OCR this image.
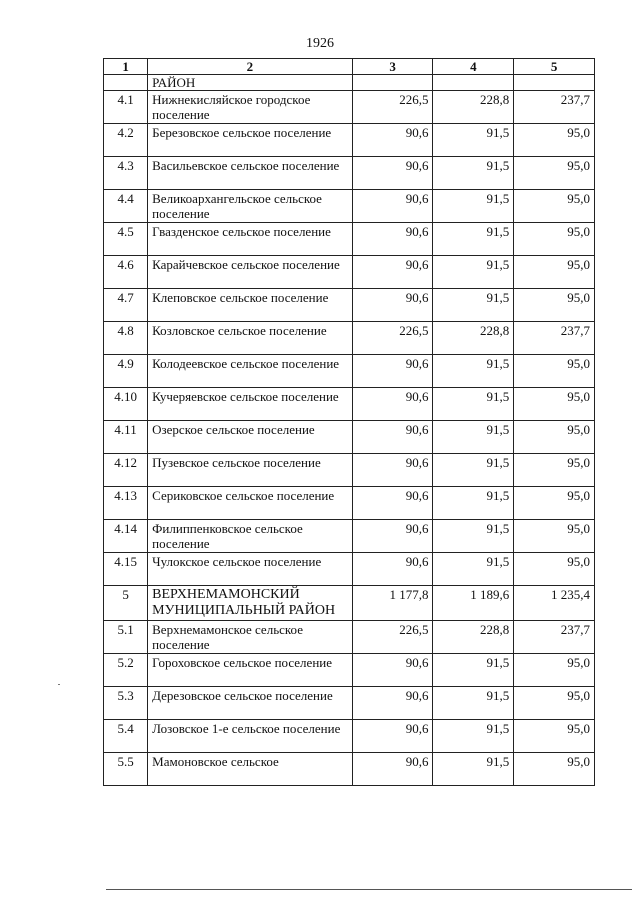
1926
1	2	3	4	5
	РАЙОН			
4.1	Нижнекисляйское городское поселение	226,5	228,8	237,7
4.2	Березовское сельское поселение	90,6	91,5	95,0
4.3	Васильевское сельское поселение	90,6	91,5	95,0
4.4	Великоархангельское сельское поселение	90,6	91,5	95,0
4.5	Гвазденское сельское поселение	90,6	91,5	95,0
4.6	Карайчевское сельское поселение	90,6	91,5	95,0
4.7	Клеповское сельское поселение	90,6	91,5	95,0
4.8	Козловское сельское поселение	226,5	228,8	237,7
4.9	Колодеевское сельское поселение	90,6	91,5	95,0
4.10	Кучеряевское сельское поселение	90,6	91,5	95,0
4.11	Озерское сельское поселение	90,6	91,5	95,0
4.12	Пузевское сельское поселение	90,6	91,5	95,0
4.13	Сериковское сельское поселение	90,6	91,5	95,0
4.14	Филиппенковское сельское поселение	90,6	91,5	95,0
4.15	Чулокское сельское поселение	90,6	91,5	95,0
5	ВЕРХНЕМАМОНСКИЙ МУНИЦИПАЛЬНЫЙ РАЙОН	1 177,8	1 189,6	1 235,4
5.1	Верхнемамонское сельское поселение	226,5	228,8	237,7
5.2	Гороховское сельское поселение	90,6	91,5	95,0
5.3	Дерезовское сельское поселение	90,6	91,5	95,0
5.4	Лозовское 1-е сельское поселение	90,6	91,5	95,0
5.5	Мамоновское сельское	90,6	91,5	95,0
